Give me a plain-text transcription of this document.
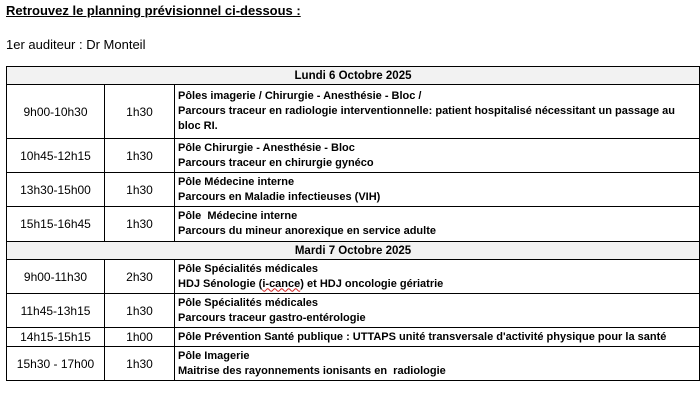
Retrouvez le planning prévisionnel ci-dessous :
1er auditeur : Dr Monteil
Lundi 6 Octobre 2025		
9h00-10h30	1h30	Pôles imagerie / Chirurgie - Anesthésie - Bloc /
Parcours traceur en radiologie interventionnelle: patient hospitalisé nécessitant un passage au bloc RI.

10h45-12h15	1h30	Pôle Chirurgie - Anesthésie - Bloc
Parcours traceur en chirurgie gynéco

13h30-15h00	1h30	Pôle Médecine interne
Parcours en Maladie infectieuses (VIH)

15h15-16h45	1h30	Pôle  Médecine interne
Parcours du mineur anorexique en service adulte

Mardi 7 Octobre 2025		
9h00-11h30	2h30	Pôle Spécialités médicales
HDJ Sénologie (i-cance) et HDJ oncologie gériatrie

11h45-13h15	1h30	Pôle Spécialités médicales
Parcours traceur gastro-entérologie

14h15-15h15	1h00	Pôle Prévention Santé publique : UTTAPS unité transversale d'activité physique pour la santé

15h30 - 17h00	1h30	Pôle Imagerie
Maitrise des rayonnements ionisants en  radiologie
